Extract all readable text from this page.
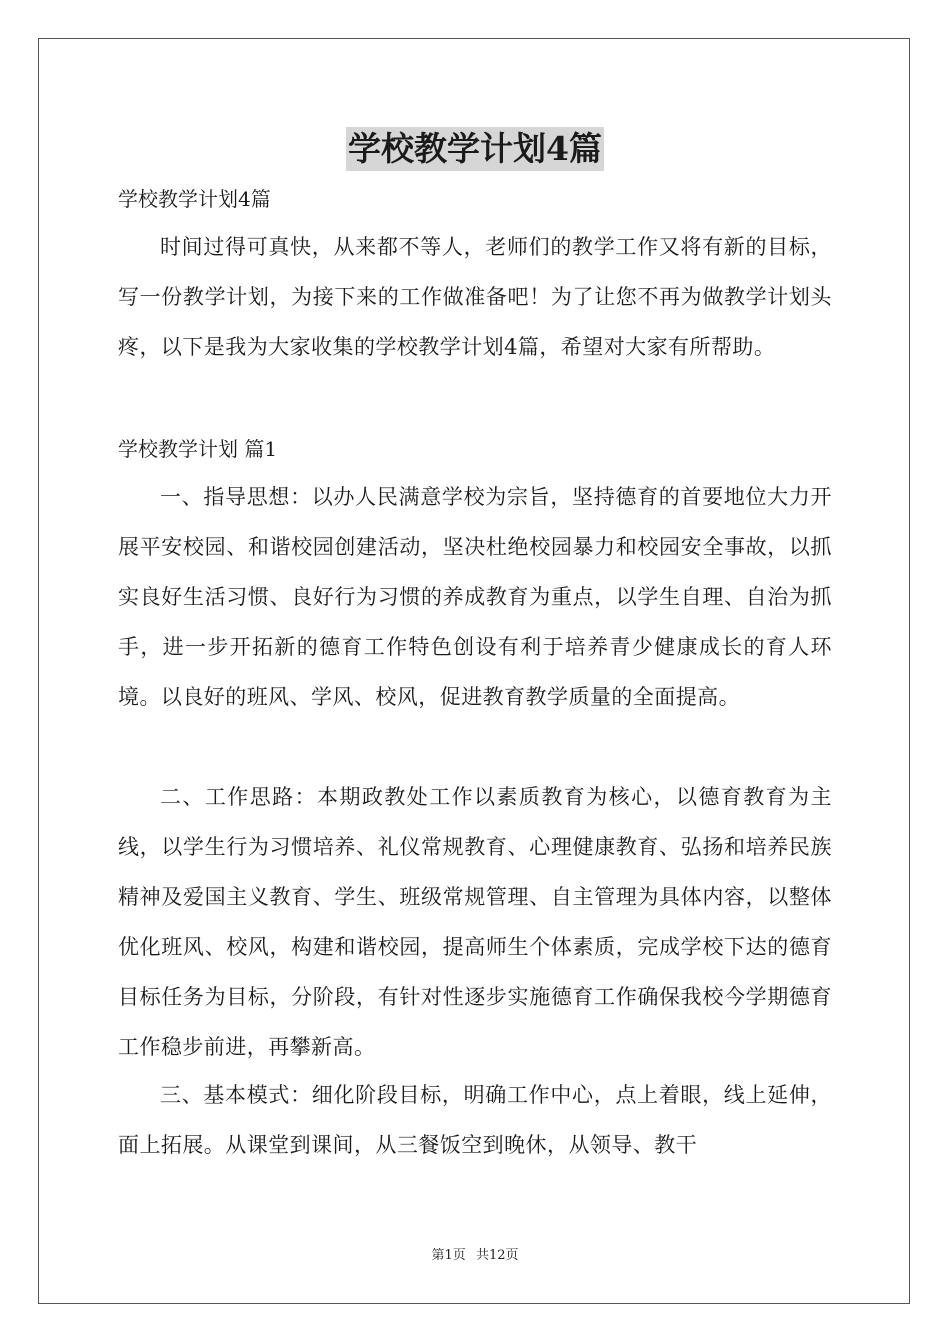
学校教学计划4篇
学校教学计划4篇

时间过得可真快，从来都不等人，老师们的教学工作又将有新的目标，写一份教学计划，为接下来的工作做准备吧！为了让您不再为做教学计划头疼，以下是我为大家收集的学校教学计划4篇，希望对大家有所帮助。

学校教学计划 篇1

一、指导思想：以办人民满意学校为宗旨，坚持德育的首要地位大力开展平安校园、和谐校园创建活动，坚决杜绝校园暴力和校园安全事故，以抓实良好生活习惯、良好行为习惯的养成教育为重点，以学生自理、自治为抓手，进一步开拓新的德育工作特色创设有利于培养青少健康成长的育人环境。以良好的班风、学风、校风，促进教育教学质量的全面提高。

二、工作思路：本期政教处工作以素质教育为核心，以德育教育为主线，以学生行为习惯培养、礼仪常规教育、心理健康教育、弘扬和培养民族精神及爱国主义教育、学生、班级常规管理、自主管理为具体内容，以整体优化班风、校风，构建和谐校园，提高师生个体素质，完成学校下达的德育目标任务为目标，分阶段，有针对性逐步实施德育工作确保我校今学期德育工作稳步前进，再攀新高。

三、基本模式：细化阶段目标，明确工作中心，点上着眼，线上延伸，面上拓展。从课堂到课间，从三餐饭空到晚休，从领导、教干

第1页 共12页
